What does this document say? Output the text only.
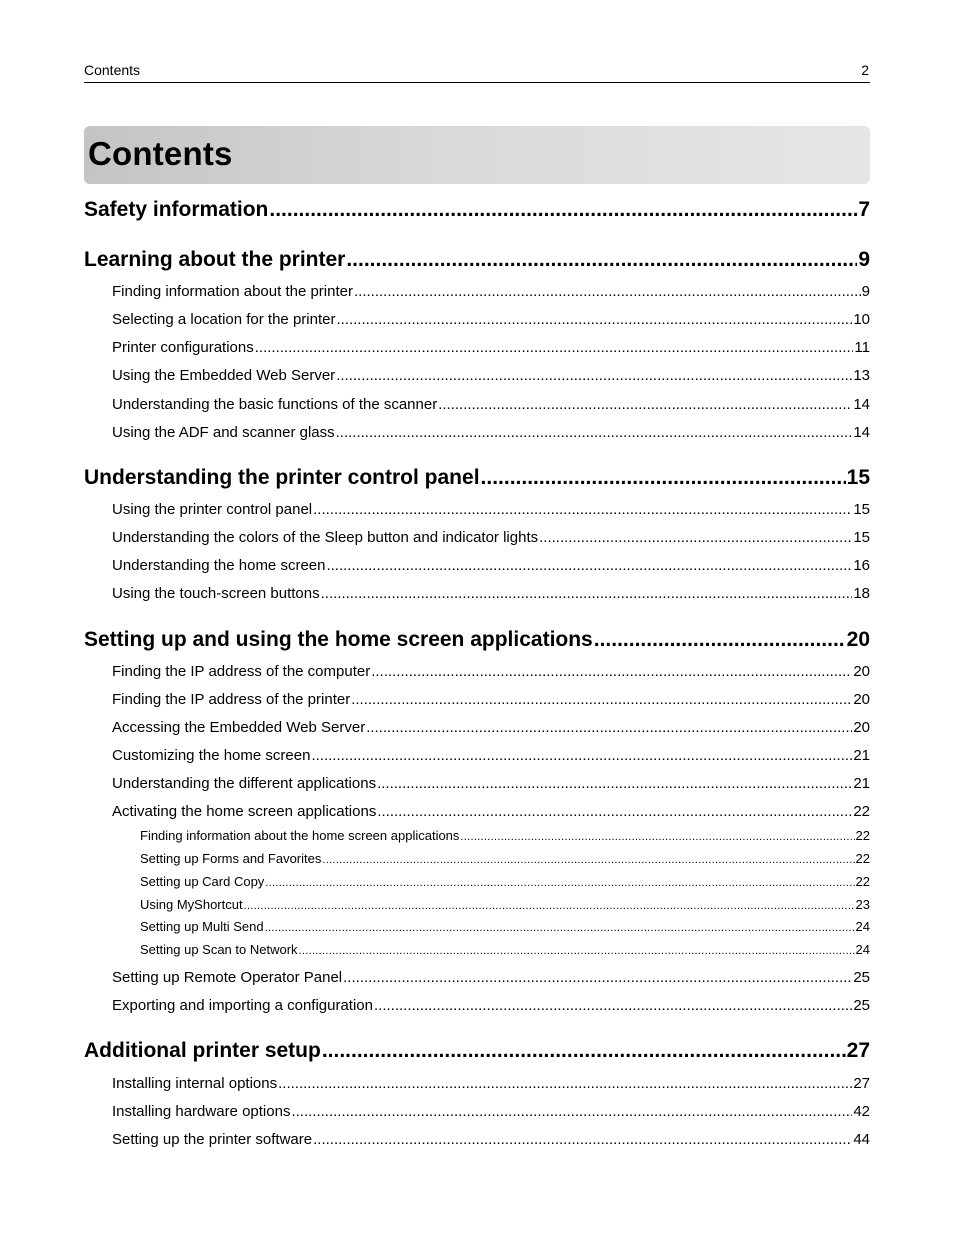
Contents	2
Contents
Safety information .....	7
Learning about the printer .....	9
Finding information about the printer .....	9
Selecting a location for the printer .....	10
Printer configurations .....	11
Using the Embedded Web Server .....	13
Understanding the basic functions of the scanner .....	14
Using the ADF and scanner glass .....	14
Understanding the printer control panel .....	15
Using the printer control panel .....	15
Understanding the colors of the Sleep button and indicator lights .....	15
Understanding the home screen .....	16
Using the touch-screen buttons .....	18
Setting up and using the home screen applications .....	20
Finding the IP address of the computer .....	20
Finding the IP address of the printer .....	20
Accessing the Embedded Web Server .....	20
Customizing the home screen .....	21
Understanding the different applications .....	21
Activating the home screen applications .....	22
Finding information about the home screen applications .....	22
Setting up Forms and Favorites .....	22
Setting up Card Copy .....	22
Using MyShortcut .....	23
Setting up Multi Send .....	24
Setting up Scan to Network .....	24
Setting up Remote Operator Panel .....	25
Exporting and importing a configuration .....	25
Additional printer setup .....	27
Installing internal options .....	27
Installing hardware options .....	42
Setting up the printer software .....	44
